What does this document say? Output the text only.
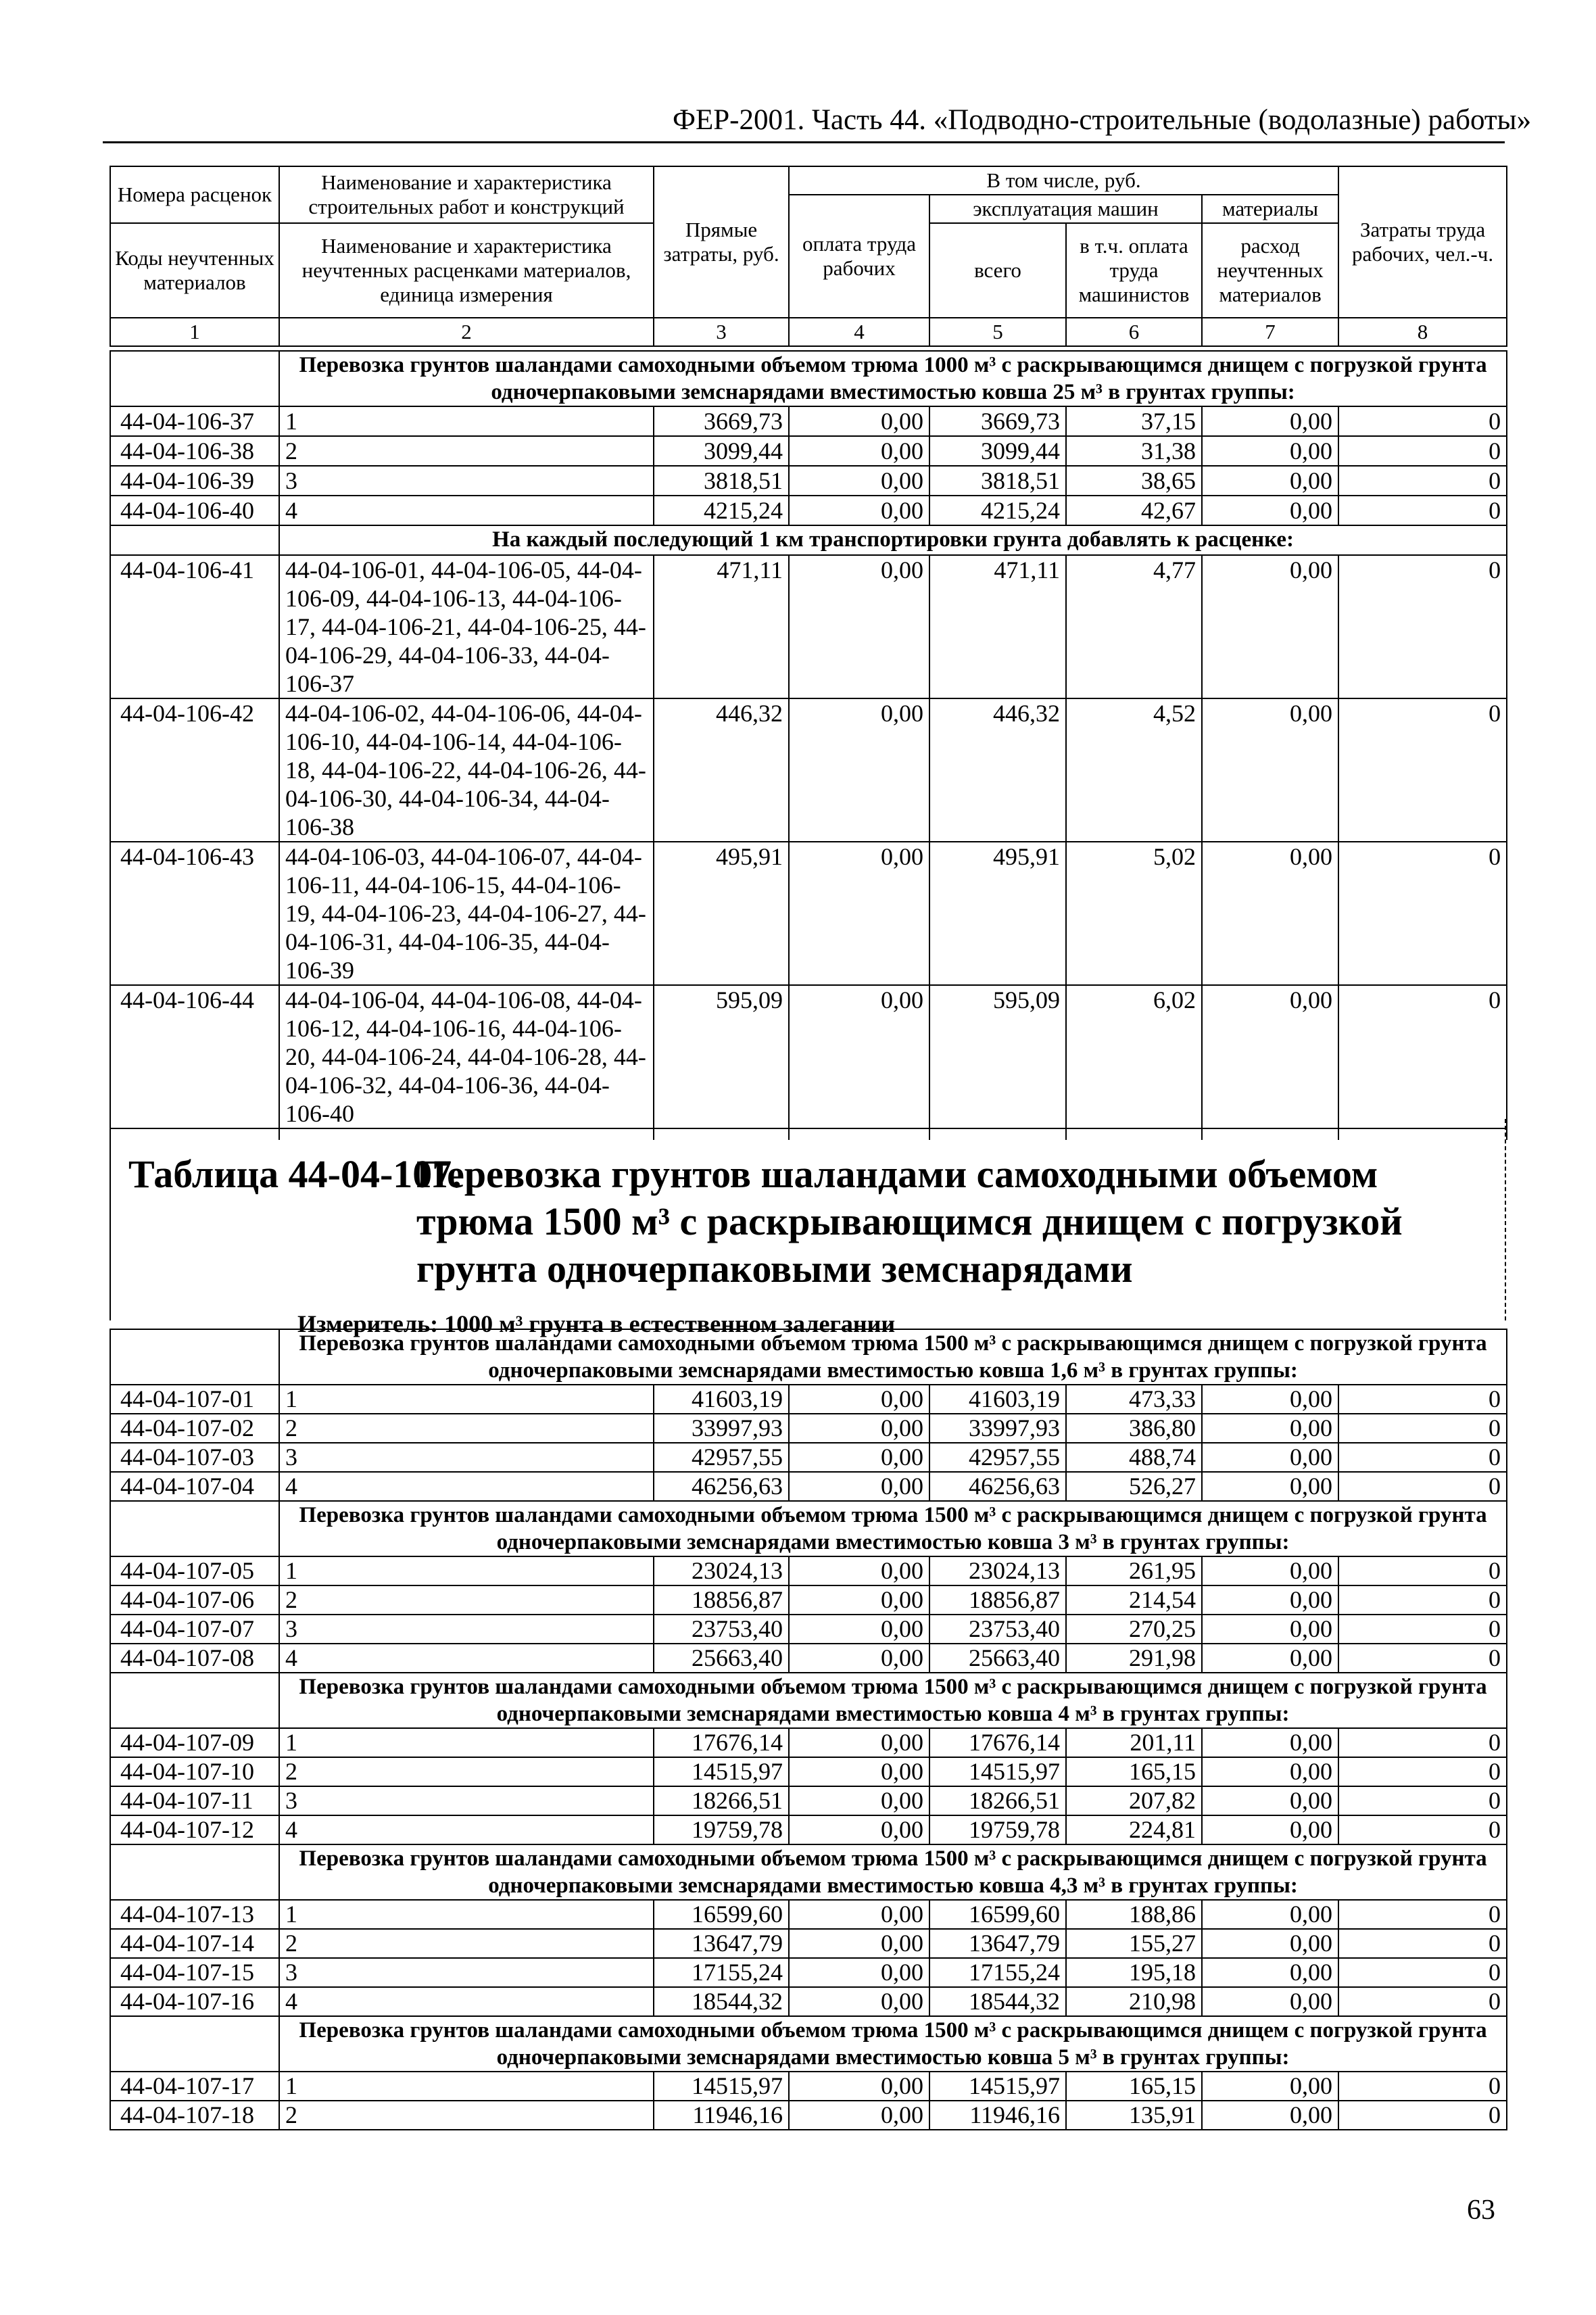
ФЕР-2001. Часть 44. «Подводно-строительные (водолазные) работы»
Номера расценок	Наименование и характеристика строительных работ и конструкций	Прямые затраты, руб.	В том числе, руб.				Затраты труда рабочих, чел.-ч.
			оплата труда рабочих	эксплуатация машин		материалы	
Коды неучтенных материалов	Наименование и характеристика неучтенных расценками материалов, единица измерения			всего	в т.ч. оплата труда машинистов	расход неучтенных материалов	

1	2	3	4	5	6	7	8
	Перевозка грунтов шаландами самоходными объемом трюма 1000 м³ с раскрывающимся днищем с погрузкой грунта одночерпаковыми земснарядами вместимостью ковша 25 м³ в грунтах группы:						
44-04-106-37	1	3669,73	0,00	3669,73	37,15	0,00	0
44-04-106-38	2	3099,44	0,00	3099,44	31,38	0,00	0
44-04-106-39	3	3818,51	0,00	3818,51	38,65	0,00	0
44-04-106-40	4	4215,24	0,00	4215,24	42,67	0,00	0
	На каждый последующий 1 км транспортировки грунта добавлять к расценке:						
44-04-106-41	44-04-106-01, 44-04-106-05, 44-04-106-09, 44-04-106-13, 44-04-106-17, 44-04-106-21, 44-04-106-25, 44-04-106-29, 44-04-106-33, 44-04-106-37	471,11	0,00	471,11	4,77	0,00	0
44-04-106-42	44-04-106-02, 44-04-106-06, 44-04-106-10, 44-04-106-14, 44-04-106-18, 44-04-106-22, 44-04-106-26, 44-04-106-30, 44-04-106-34, 44-04-106-38	446,32	0,00	446,32	4,52	0,00	0
44-04-106-43	44-04-106-03, 44-04-106-07, 44-04-106-11, 44-04-106-15, 44-04-106-19, 44-04-106-23, 44-04-106-27, 44-04-106-31, 44-04-106-35, 44-04-106-39	495,91	0,00	495,91	5,02	0,00	0
44-04-106-44	44-04-106-04, 44-04-106-08, 44-04-106-12, 44-04-106-16, 44-04-106-20, 44-04-106-24, 44-04-106-28, 44-04-106-32, 44-04-106-36, 44-04-106-40	595,09	0,00	595,09	6,02	0,00	0

Таблица 44-04-107.
Перевозка грунтов шаландами самоходными объемом трюма 1500 м³ с раскрывающимся днищем с погрузкой грунта одночерпаковыми земснарядами
Измеритель: 1000 м³ грунта в естественном залегании
	Перевозка грунтов шаландами самоходными объемом трюма 1500 м³ с раскрывающимся днищем с погрузкой грунта одночерпаковыми земснарядами вместимостью ковша 1,6 м³ в грунтах группы:						
44-04-107-01	1	41603,19	0,00	41603,19	473,33	0,00	0
44-04-107-02	2	33997,93	0,00	33997,93	386,80	0,00	0
44-04-107-03	3	42957,55	0,00	42957,55	488,74	0,00	0
44-04-107-04	4	46256,63	0,00	46256,63	526,27	0,00	0
	Перевозка грунтов шаландами самоходными объемом трюма 1500 м³ с раскрывающимся днищем с погрузкой грунта одночерпаковыми земснарядами вместимостью ковша 3 м³ в грунтах группы:						
44-04-107-05	1	23024,13	0,00	23024,13	261,95	0,00	0
44-04-107-06	2	18856,87	0,00	18856,87	214,54	0,00	0
44-04-107-07	3	23753,40	0,00	23753,40	270,25	0,00	0
44-04-107-08	4	25663,40	0,00	25663,40	291,98	0,00	0
	Перевозка грунтов шаландами самоходными объемом трюма 1500 м³ с раскрывающимся днищем с погрузкой грунта одночерпаковыми земснарядами вместимостью ковша 4 м³ в грунтах группы:						
44-04-107-09	1	17676,14	0,00	17676,14	201,11	0,00	0
44-04-107-10	2	14515,97	0,00	14515,97	165,15	0,00	0
44-04-107-11	3	18266,51	0,00	18266,51	207,82	0,00	0
44-04-107-12	4	19759,78	0,00	19759,78	224,81	0,00	0
	Перевозка грунтов шаландами самоходными объемом трюма 1500 м³ с раскрывающимся днищем с погрузкой грунта одночерпаковыми земснарядами вместимостью ковша 4,3 м³ в грунтах группы:						
44-04-107-13	1	16599,60	0,00	16599,60	188,86	0,00	0
44-04-107-14	2	13647,79	0,00	13647,79	155,27	0,00	0
44-04-107-15	3	17155,24	0,00	17155,24	195,18	0,00	0
44-04-107-16	4	18544,32	0,00	18544,32	210,98	0,00	0
	Перевозка грунтов шаландами самоходными объемом трюма 1500 м³ с раскрывающимся днищем с погрузкой грунта одночерпаковыми земснарядами вместимостью ковша 5 м³ в грунтах группы:						
44-04-107-17	1	14515,97	0,00	14515,97	165,15	0,00	0
44-04-107-18	2	11946,16	0,00	11946,16	135,91	0,00	0
63
